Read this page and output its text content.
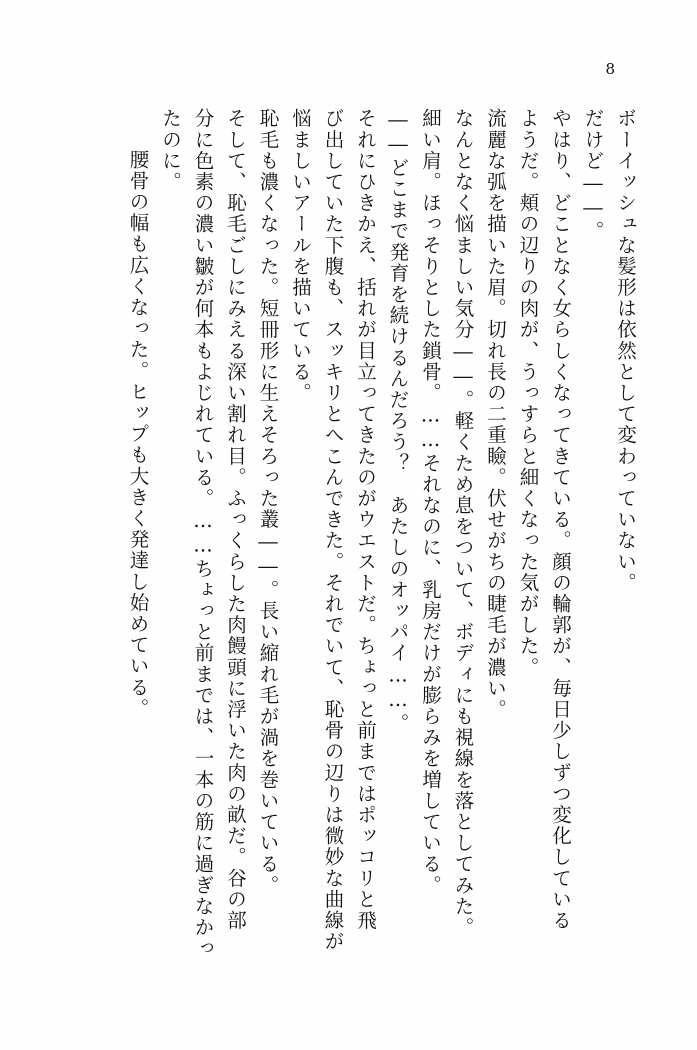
8
ボーイッシュな髪形は依然として変わっていない。
だけど――。
やはり、どことなく女らしくなってきている。顔の輪郭が、毎日少しずつ変化している
ようだ。頬の辺りの肉が、うっすらと細くなった気がした。
流麗な弧を描いた眉。切れ長の二重瞼。伏せがちの睫毛が濃い。
なんとなく悩ましい気分――。軽くため息をついて、ボディにも視線を落としてみた。
細い肩。ほっそりとした鎖骨。……それなのに、乳房だけが膨らみを増している。
――どこまで発育を続けるんだろう？　あたしのオッパイ……。
それにひきかえ、括れが目立ってきたのがウエストだ。ちょっと前まではポッコリと飛
び出していた下腹も、スッキリとへこんできた。それでいて、恥骨の辺りは微妙な曲線が
悩ましいアールを描いている。
恥毛も濃くなった。短冊形に生えそろった叢――。長い縮れ毛が渦を巻いている。
そして、恥毛ごしにみえる深い割れ目。ふっくらした肉饅頭に浮いた肉の畝だ。谷の部
分に色素の濃い皺が何本もよじれている。……ちょっと前までは、一本の筋に過ぎなかっ
たのに。
　腰骨の幅も広くなった。ヒップも大きく発達し始めている。
